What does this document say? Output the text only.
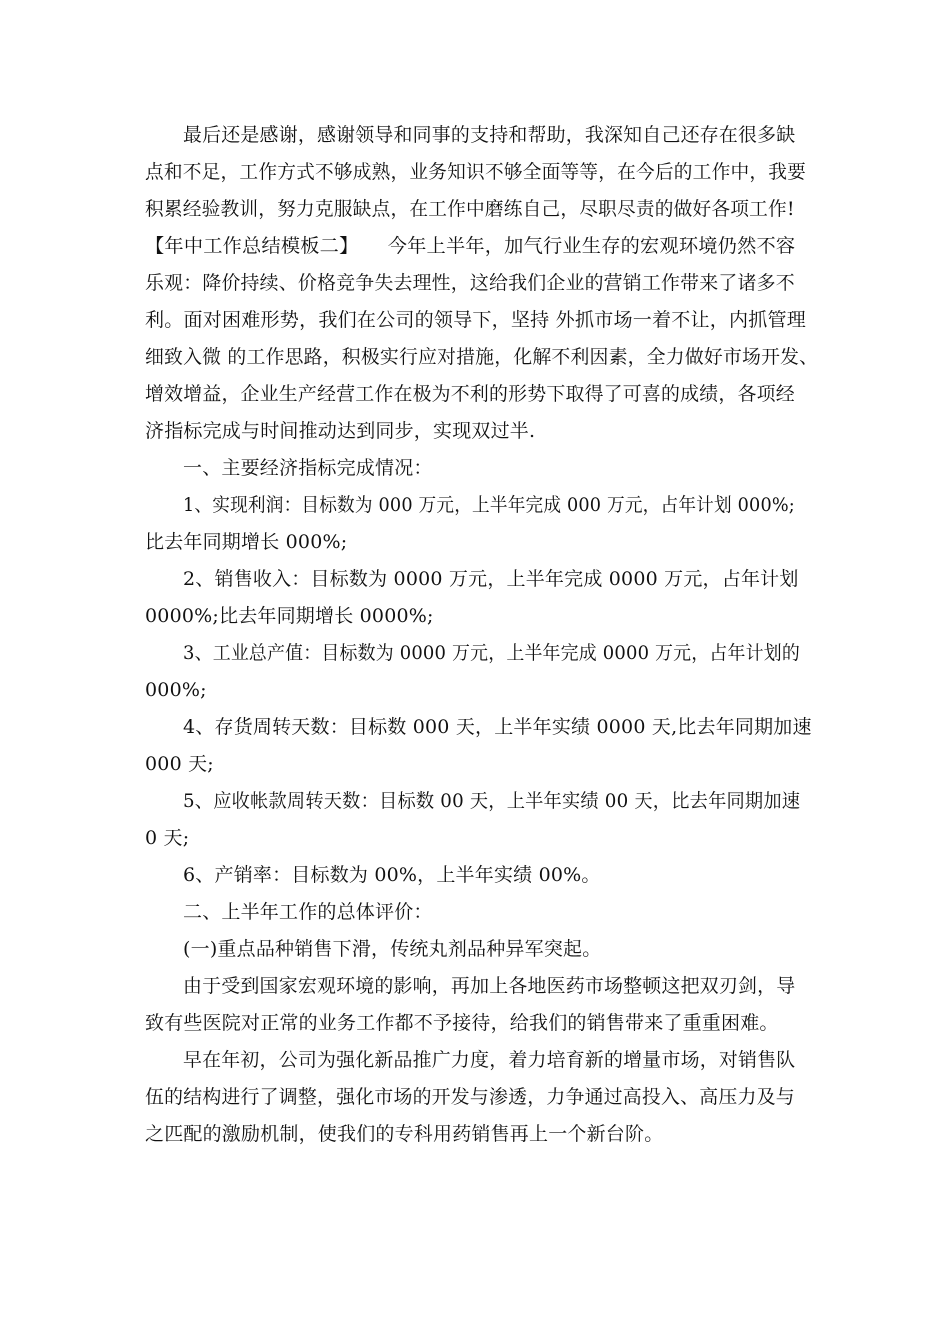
最后还是感谢，感谢领导和同事的支持和帮助，我深知自己还存在很多缺
点和不足，工作方式不够成熟，业务知识不够全面等等，在今后的工作中，我要
积累经验教训，努力克服缺点，在工作中磨练自己，尽职尽责的做好各项工作!
【年中工作总结模板二】　　今年上半年，加气行业生存的宏观环境仍然不容
乐观：降价持续、价格竞争失去理性，这给我们企业的营销工作带来了诸多不
利。面对困难形势，我们在公司的领导下，坚持 外抓市场一着不让，内抓管理
细致入微 的工作思路，积极实行应对措施，化解不利因素，全力做好市场开发、
增效增益，企业生产经营工作在极为不利的形势下取得了可喜的成绩，各项经
济指标完成与时间推动达到同步，实现双过半.
一、主要经济指标完成情况：
1、实现利润：目标数为 000 万元，上半年完成 000 万元，占年计划 000%;
比去年同期增长 000%;
2、销售收入：目标数为 0000 万元，上半年完成 0000 万元，占年计划
0000%;比去年同期增长 0000%;
3、工业总产值：目标数为 0000 万元，上半年完成 0000 万元，占年计划的
000%;
4、存货周转天数：目标数 000 天，上半年实绩 0000 天,比去年同期加速
000 天;
5、应收帐款周转天数：目标数 00 天，上半年实绩 00 天，比去年同期加速
0 天;
6、产销率：目标数为 00%，上半年实绩 00%。
二、上半年工作的总体评价：
(一)重点品种销售下滑，传统丸剂品种异军突起。
由于受到国家宏观环境的影响，再加上各地医药市场整顿这把双刃剑，导
致有些医院对正常的业务工作都不予接待，给我们的销售带来了重重困难。
早在年初，公司为强化新品推广力度，着力培育新的增量市场，对销售队
伍的结构进行了调整，强化市场的开发与渗透，力争通过高投入、高压力及与
之匹配的激励机制，使我们的专科用药销售再上一个新台阶。
